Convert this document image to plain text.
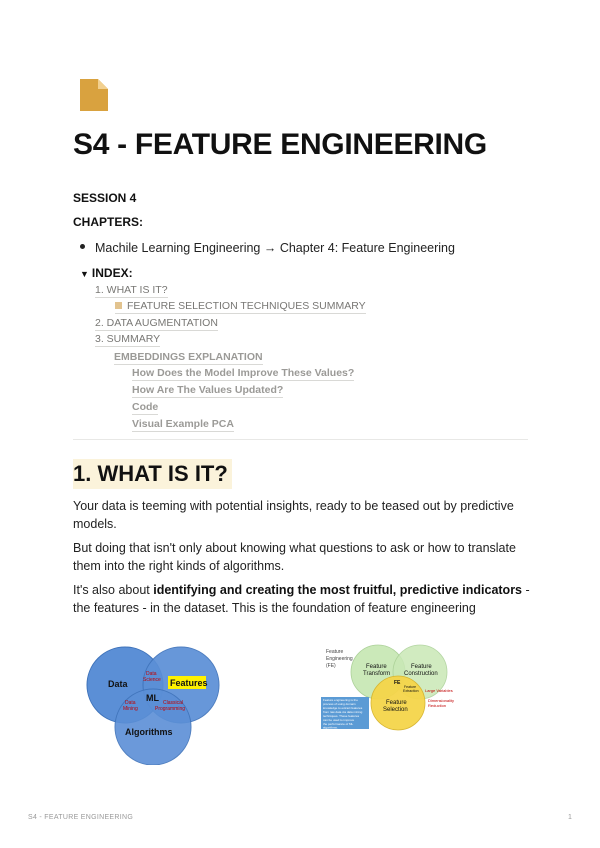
S4 - FEATURE ENGINEERING
SESSION 4
CHAPTERS:
Machile Learning Engineering → Chapter 4: Feature Engineering
▼ INDEX:
1. WHAT IS IT?
FEATURE SELECTION TECHNIQUES SUMMARY
2. DATA AUGMENTATION
3. SUMMARY
EMBEDDINGS EXPLANATION
How Does the Model Improve These Values?
How Are The Values Updated?
Code
Visual Example PCA
1. WHAT IS IT?
Your data is teeming with potential insights, ready to be teased out by predictive models.
But doing that isn't only about knowing what questions to ask or how to translate them into the right kinds of algorithms.
It's also about identifying and creating the most fruitful, predictive indicators - the features - in the dataset. This is the foundation of feature engineering
Data	Features
Algorithms
ML
Data
Science
Data
Mining
Classical
Programming
Feature
Engineering
(FE)	Feature
Transform
Feature
Construction
FE
Feature
Extraction
Feature
Selection
Large Variables
Dimensionality
Reduction
Feature engineering is the
process of using domain
knowledge to extract features
from raw data via data mining
techniques. These features
can be used to improve
the performance of ML
algorithms.
S4 - FEATURE ENGINEERING	1
